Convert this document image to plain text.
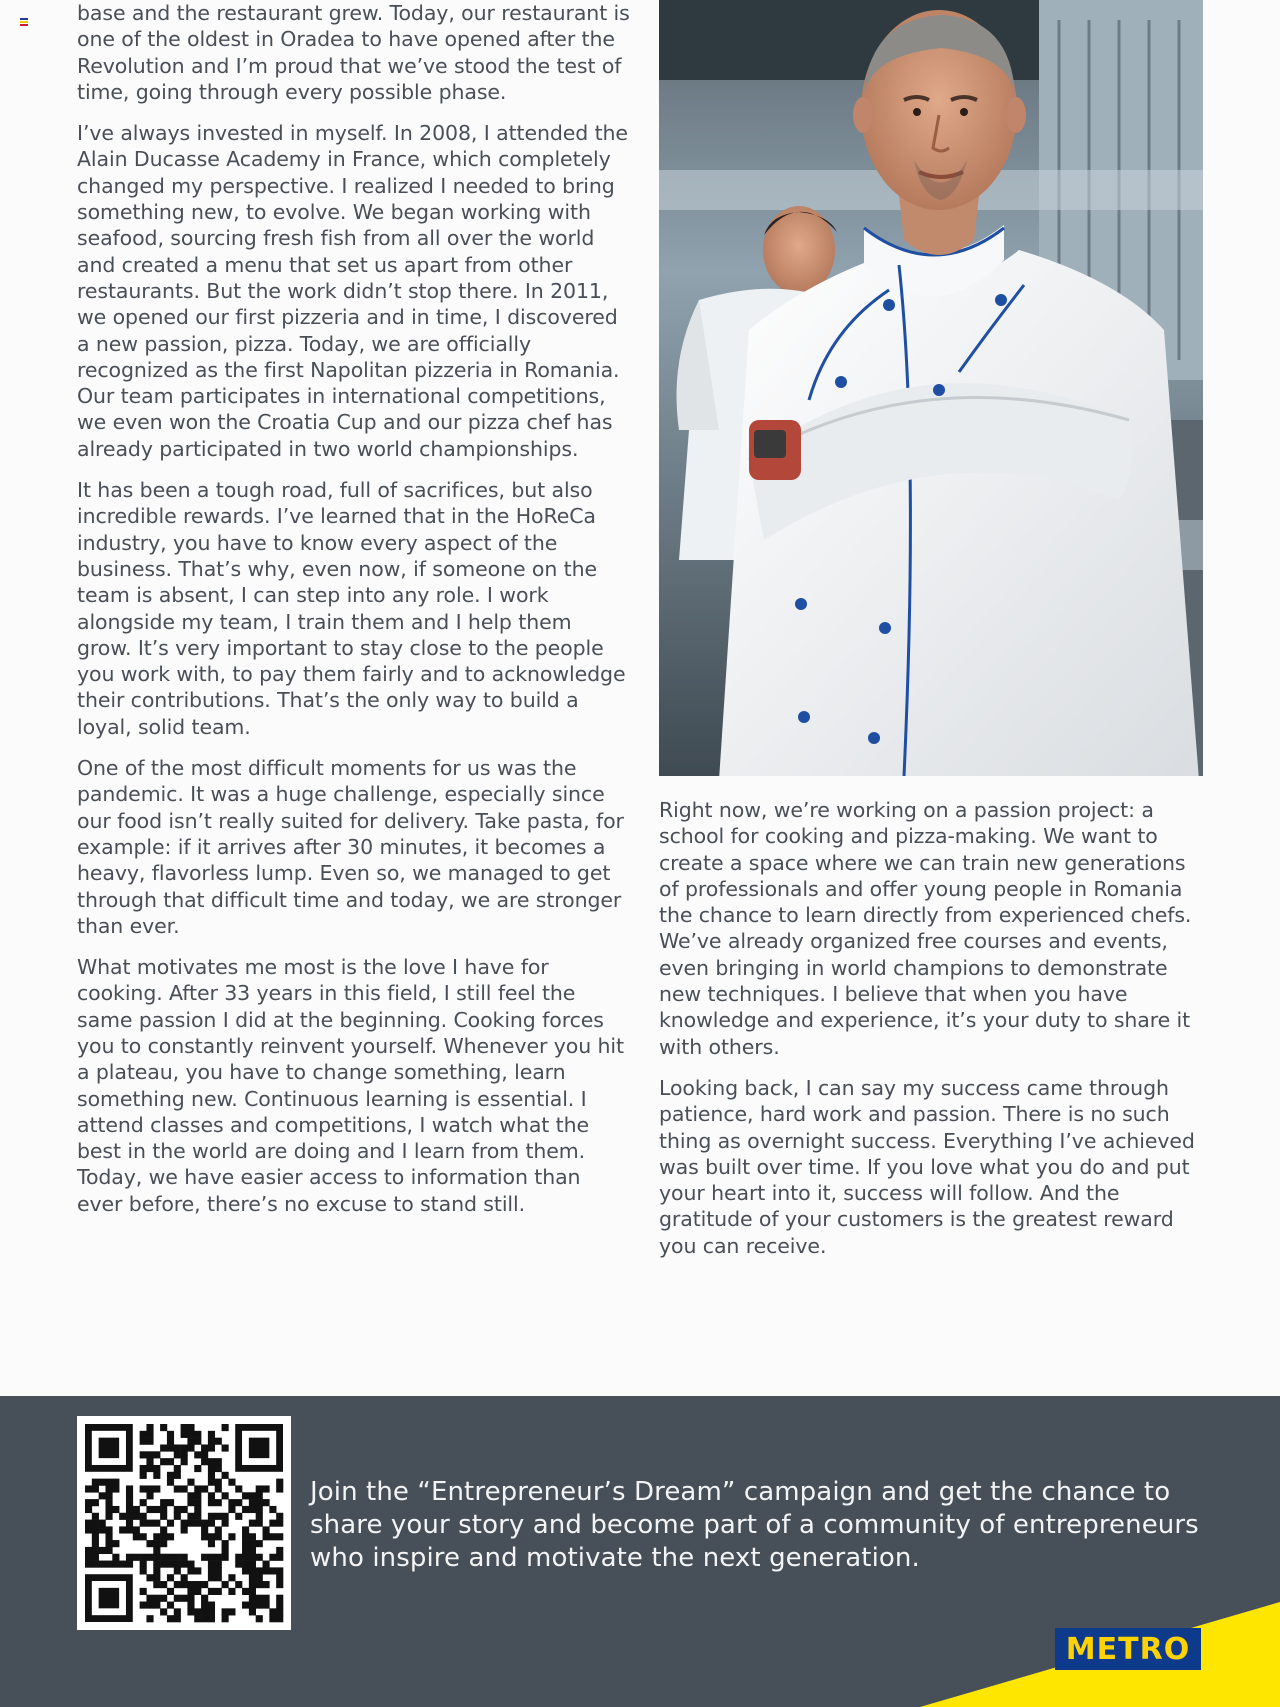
base and the restaurant grew. Today, our restaurant is one of the oldest in Oradea to have opened after the Revolution and I’m proud that we’ve stood the test of time, going through every possible phase.

I’ve always invested in myself. In 2008, I attended the Alain Ducasse Academy in France, which completely changed my perspective. I realized I needed to bring something new, to evolve. We began working with seafood, sourcing fresh fish from all over the world and created a menu that set us apart from other restaurants. But the work didn’t stop there. In 2011, we opened our first pizzeria and in time, I discovered a new passion, pizza. Today, we are officially recognized as the first Napolitan pizzeria in Romania. Our team participates in international competitions, we even won the Croatia Cup and our pizza chef has already participated in two world championships.

It has been a tough road, full of sacrifices, but also incredible rewards. I’ve learned that in the HoReCa industry, you have to know every aspect of the business. That’s why, even now, if someone on the team is absent, I can step into any role. I work alongside my team, I train them and I help them grow. It’s very important to stay close to the people you work with, to pay them fairly and to acknowledge their contributions. That’s the only way to build a loyal, solid team.

One of the most difficult moments for us was the pandemic. It was a huge challenge, especially since our food isn’t really suited for delivery. Take pasta, for example: if it arrives after 30 minutes, it becomes a heavy, flavorless lump. Even so, we managed to get through that difficult time and today, we are stronger than ever.

What motivates me most is the love I have for cooking. After 33 years in this field, I still feel the same passion I did at the beginning. Cooking forces you to constantly reinvent yourself. Whenever you hit a plateau, you have to change something, learn something new. Continuous learning is essential. I attend classes and competitions, I watch what the best in the world are doing and I learn from them. Today, we have easier access to information than ever before, there’s no excuse to stand still.

Right now, we’re working on a passion project: a school for cooking and pizza-making. We want to create a space where we can train new generations of professionals and offer young people in Romania the chance to learn directly from experienced chefs. We’ve already organized free courses and events, even bringing in world champions to demonstrate new techniques. I believe that when you have knowledge and experience, it’s your duty to share it with others.

Looking back, I can say my success came through patience, hard work and passion. There is no such thing as overnight success. Everything I’ve achieved was built over time. If you love what you do and put your heart into it, success will follow. And the gratitude of your customers is the greatest reward you can receive.

Join the “Entrepreneur’s Dream” campaign and get the chance to share your story and become part of a community of entrepreneurs who inspire and motivate the next generation.
METRO
